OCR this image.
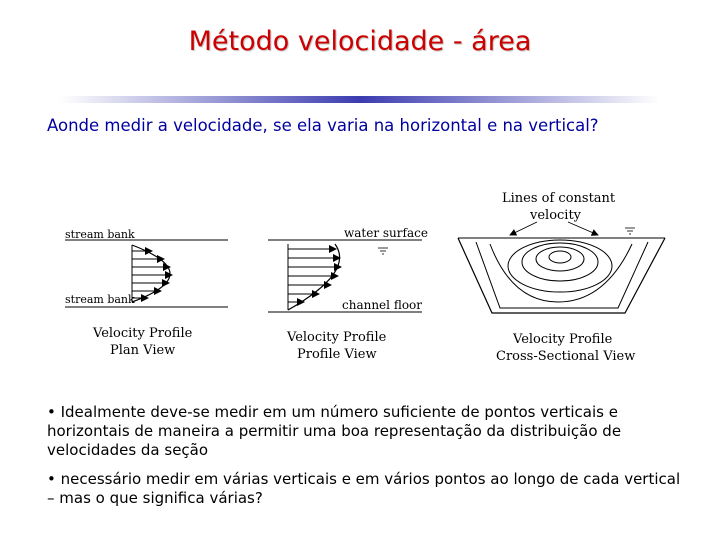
Método velocidade - área
Aonde medir a velocidade, se ela varia na horizontal e na vertical?
stream bank
stream bank
Velocity Profile
Plan View
water surface
channel floor
Velocity Profile
Profile View
Lines of constant
velocity
Velocity Profile
Cross-Sectional View

• Idealmente deve-se medir em um número suficiente de pontos verticais e horizontais de maneira a permitir uma boa representação da distribuição de velocidades da seção

• necessário medir em várias verticais e em vários pontos ao longo de cada vertical – mas o que significa várias?
